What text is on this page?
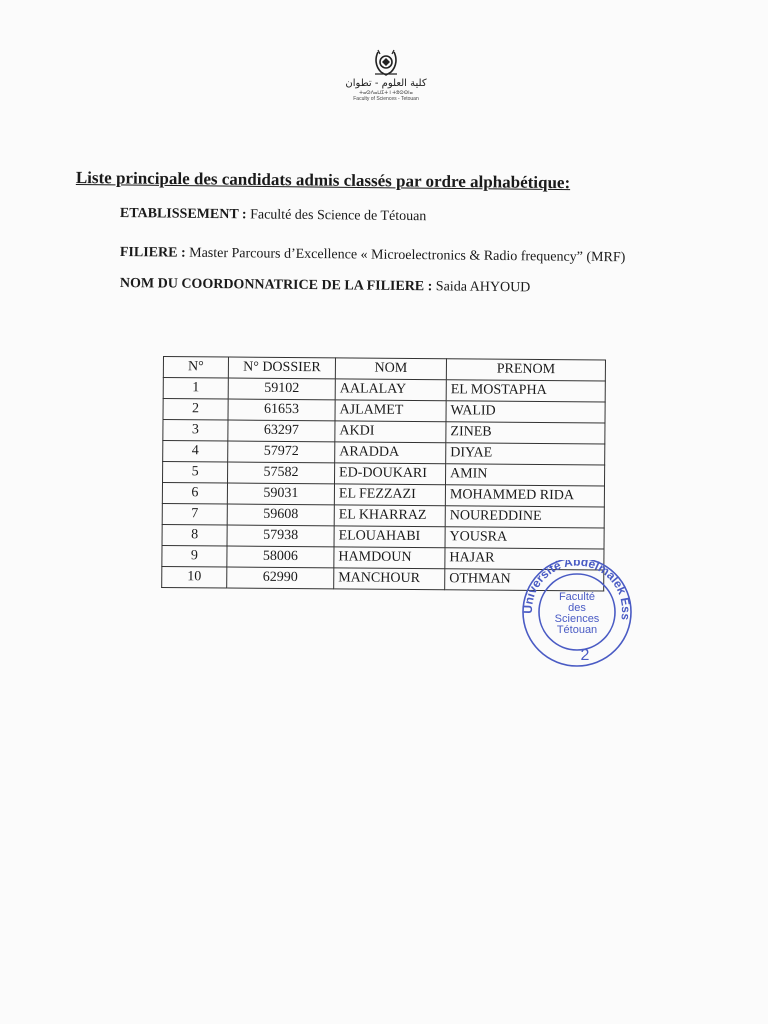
كلية العلوم - تطوان
ⵜⴰⵙⴷⴰⵡⵉⵜ ⵏ ⵜⵓⵙⵙⵏⴰ
Faculty of Sciences - Tetouan
Liste principale des candidats admis classés par ordre alphabétique:
ETABLISSEMENT : Faculté des Science de Tétouan
FILIERE : Master Parcours d’Excellence « Microelectronics & Radio frequency” (MRF)
NOM DU COORDONNATRICE DE LA FILIERE : Saida AHYOUD
N°	N° DOSSIER	NOM	PRENOM
1	59102	AALALAY	EL MOSTAPHA
2	61653	AJLAMET	WALID
3	63297	AKDI	ZINEB
4	57972	ARADDA	DIYAE
5	57582	ED-DOUKARI	AMIN
6	59031	EL FEZZAZI	MOHAMMED RIDA
7	59608	EL KHARRAZ	NOUREDDINE
8	57938	ELOUAHABI	YOUSRA
9	58006	HAMDOUN	HAJAR
10	62990	MANCHOUR	OTHMAN
Université Abdelmalek Ess
Faculté
des
Sciences
Tétouan
2
